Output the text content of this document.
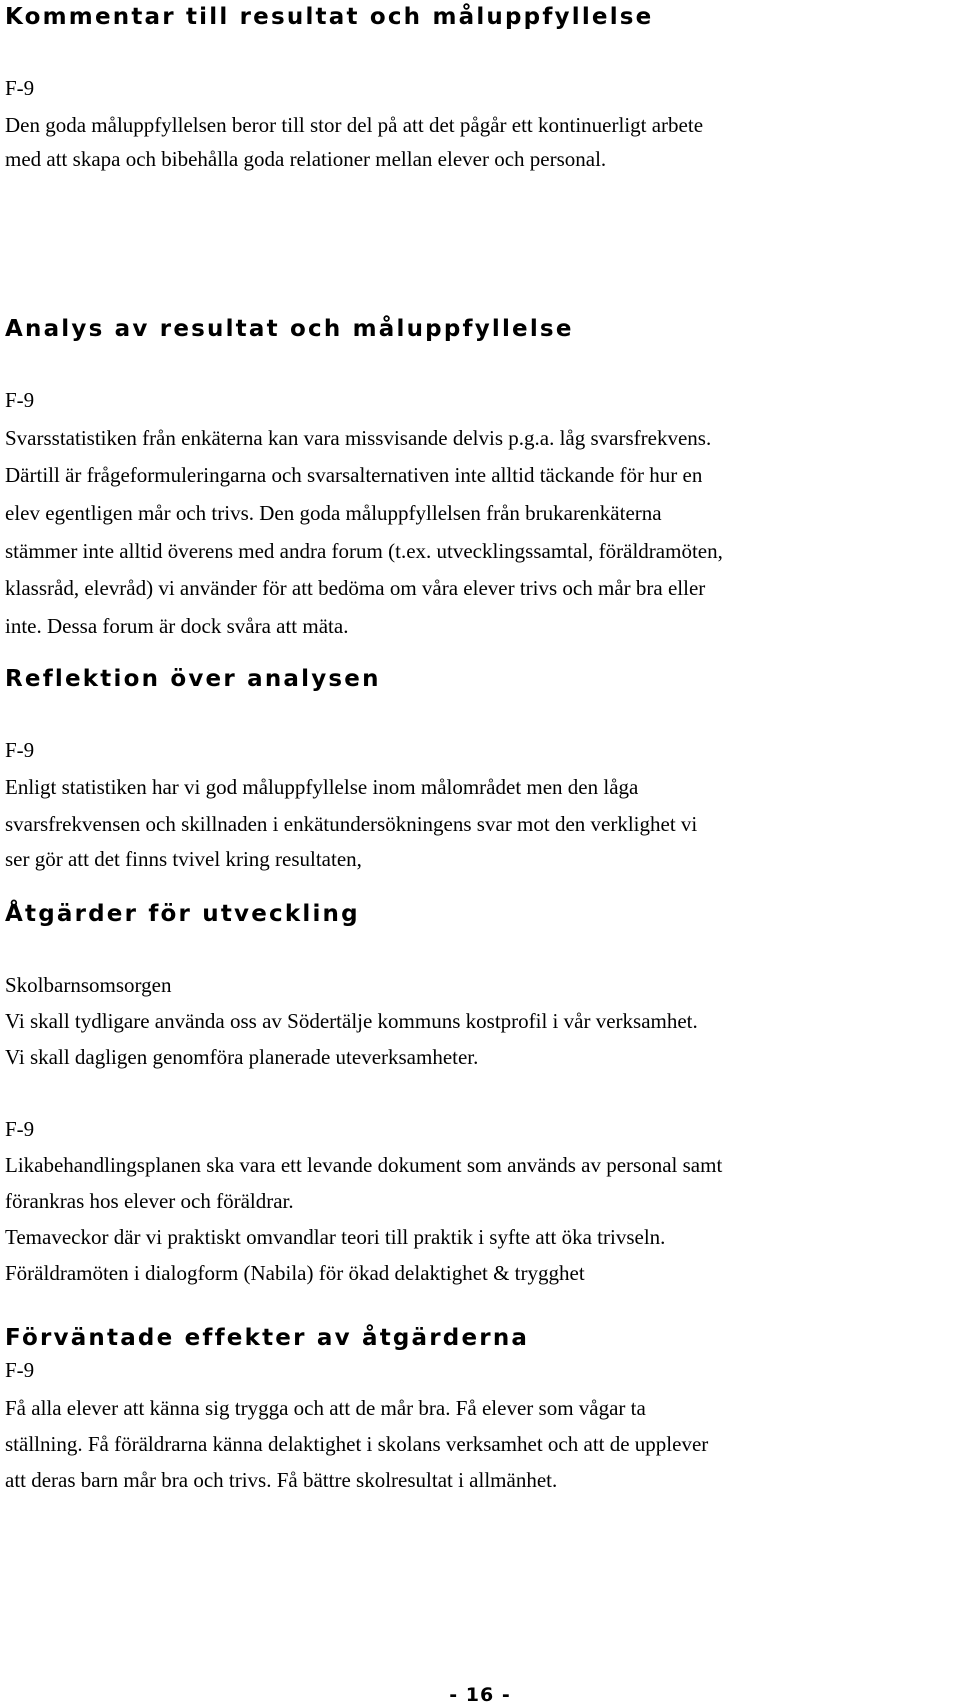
Kommentar till resultat och måluppfyllelse
F-9
Den goda måluppfyllelsen beror till stor del på att det pågår ett kontinuerligt arbete
med att skapa och bibehålla goda relationer mellan elever och personal.
Analys av resultat och måluppfyllelse
F-9
Svarsstatistiken från enkäterna kan vara missvisande delvis p.g.a. låg svarsfrekvens.
Därtill är frågeformuleringarna och svarsalternativen inte alltid täckande för hur en
elev egentligen mår och trivs. Den goda måluppfyllelsen från brukarenkäterna
stämmer inte alltid överens med andra forum (t.ex. utvecklingssamtal, föräldramöten,
klassråd, elevråd) vi använder för att bedöma om våra elever trivs och mår bra eller
inte. Dessa forum är dock svåra att mäta.
Reflektion över analysen
F-9
Enligt statistiken har vi god måluppfyllelse inom målområdet men den låga
svarsfrekvensen och skillnaden i enkätundersökningens svar mot den verklighet vi
ser gör att det finns tvivel kring resultaten,
Åtgärder för utveckling
Skolbarnsomsorgen
Vi skall tydligare använda oss av Södertälje kommuns kostprofil i vår verksamhet.
Vi skall dagligen genomföra planerade uteverksamheter.
F-9
Likabehandlingsplanen ska vara ett levande dokument som används av personal samt
förankras hos elever och föräldrar.
Temaveckor där vi praktiskt omvandlar teori till praktik i syfte att öka trivseln.
Föräldramöten i dialogform (Nabila) för ökad delaktighet & trygghet
Förväntade effekter av åtgärderna
F-9
Få alla elever att känna sig trygga och att de mår bra. Få elever som vågar ta
ställning. Få föräldrarna känna delaktighet i skolans verksamhet och att de upplever
att deras barn mår bra och trivs. Få bättre skolresultat i allmänhet.
- 16 -
